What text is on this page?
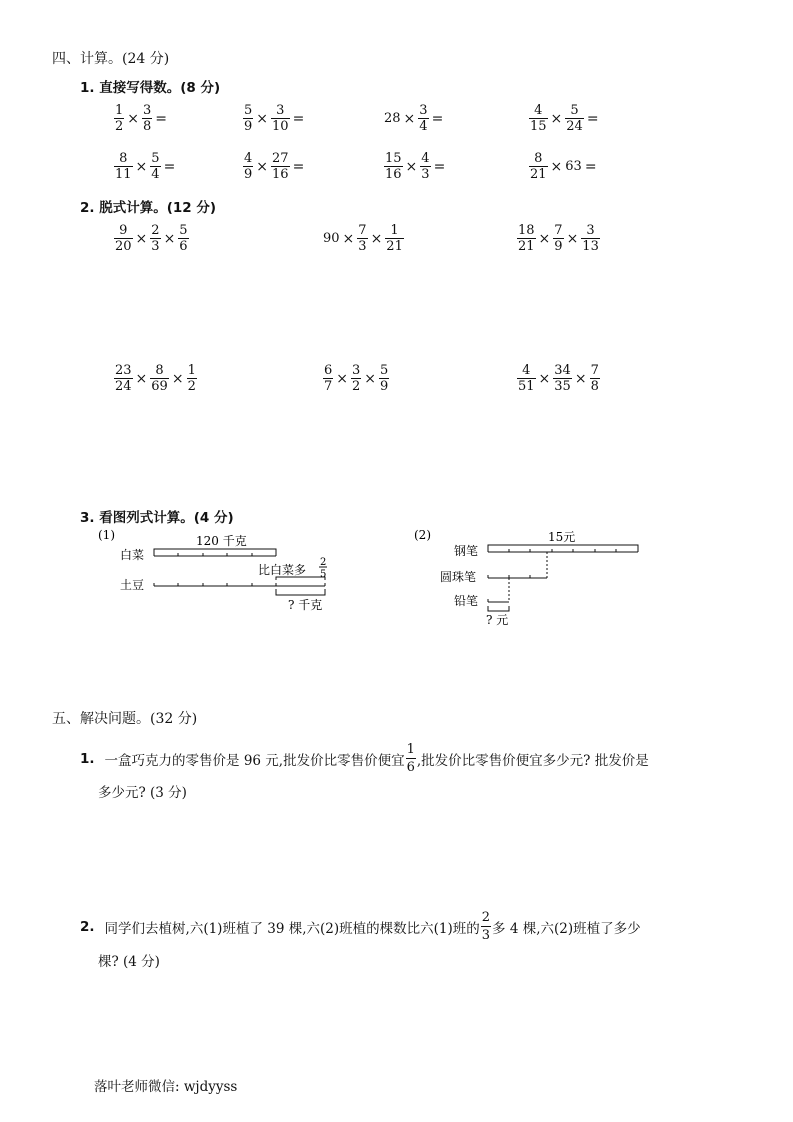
四、计算。(24 分)
1. 直接写得数。(8 分)
$\frac{1}{2} \times \frac{3}{8}$ =	$\frac{5}{9} \times \frac{3}{10}$ =	$28 \times \frac{3}{4}$ =	$\frac{4}{15} \times \frac{5}{24}$ =
$\frac{8}{11} \times \frac{5}{4}$ =	$\frac{4}{9} \times \frac{27}{16}$ =	$\frac{15}{16} \times \frac{4}{3}$ =	$\frac{8}{21} \times 63$ =
2. 脱式计算。(12 分)
$\frac{9}{20} \times \frac{2}{3} \times \frac{5}{6}$	$90 \times \frac{7}{3} \times \frac{1}{21}$	$\frac{18}{21} \times \frac{7}{9} \times \frac{3}{13}$
$\frac{23}{24} \times \frac{8}{69} \times \frac{1}{2}$	$\frac{6}{7} \times \frac{3}{2} \times \frac{5}{9}$	$\frac{4}{51} \times \frac{34}{35} \times \frac{7}{8}$
3. 看图列式计算。(4 分)
(1)
白菜
120 千克
比白菜多
2
5
土豆
? 千克
(2)
钢笔
15元
圆珠笔
铅笔
? 元
五、解决问题。(32 分)
1. 一盒巧克力的零售价是 96 元,批发价比零售价便宜 $\frac{1}{6}$ ,批发价比零售价便宜多少元? 批发价是
多少元? (3 分)
2. 同学们去植树,六(1)班植了 39 棵,六(2)班植的棵数比六(1)班的 $\frac{2}{3}$ 多 4 棵,六(2)班植了多少
棵? (4 分)
落叶老师微信: wjdyyss
